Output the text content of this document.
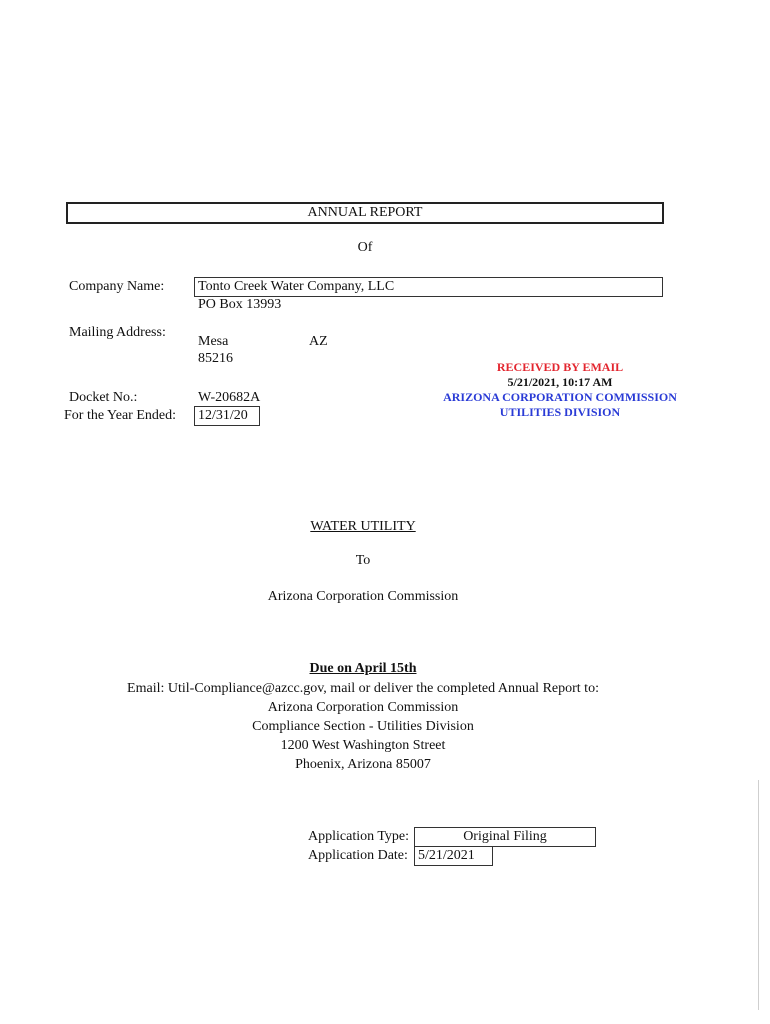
ANNUAL REPORT
Of
Company Name: Tonto Creek Water Company, LLC
PO Box 13993
Mailing Address:
Mesa	AZ
85216
Docket No.:	W-20682A
For the Year Ended: 12/31/20
RECEIVED BY EMAIL
5/21/2021, 10:17 AM
ARIZONA CORPORATION COMMISSION
UTILITIES DIVISION
WATER UTILITY
To
Arizona Corporation Commission
Due on April 15th
Email: Util-Compliance@azcc.gov, mail or deliver the completed Annual Report to:
Arizona Corporation Commission
Compliance Section - Utilities Division
1200 West Washington Street
Phoenix, Arizona 85007
Application Type:	Original Filing
Application Date: 5/21/2021
